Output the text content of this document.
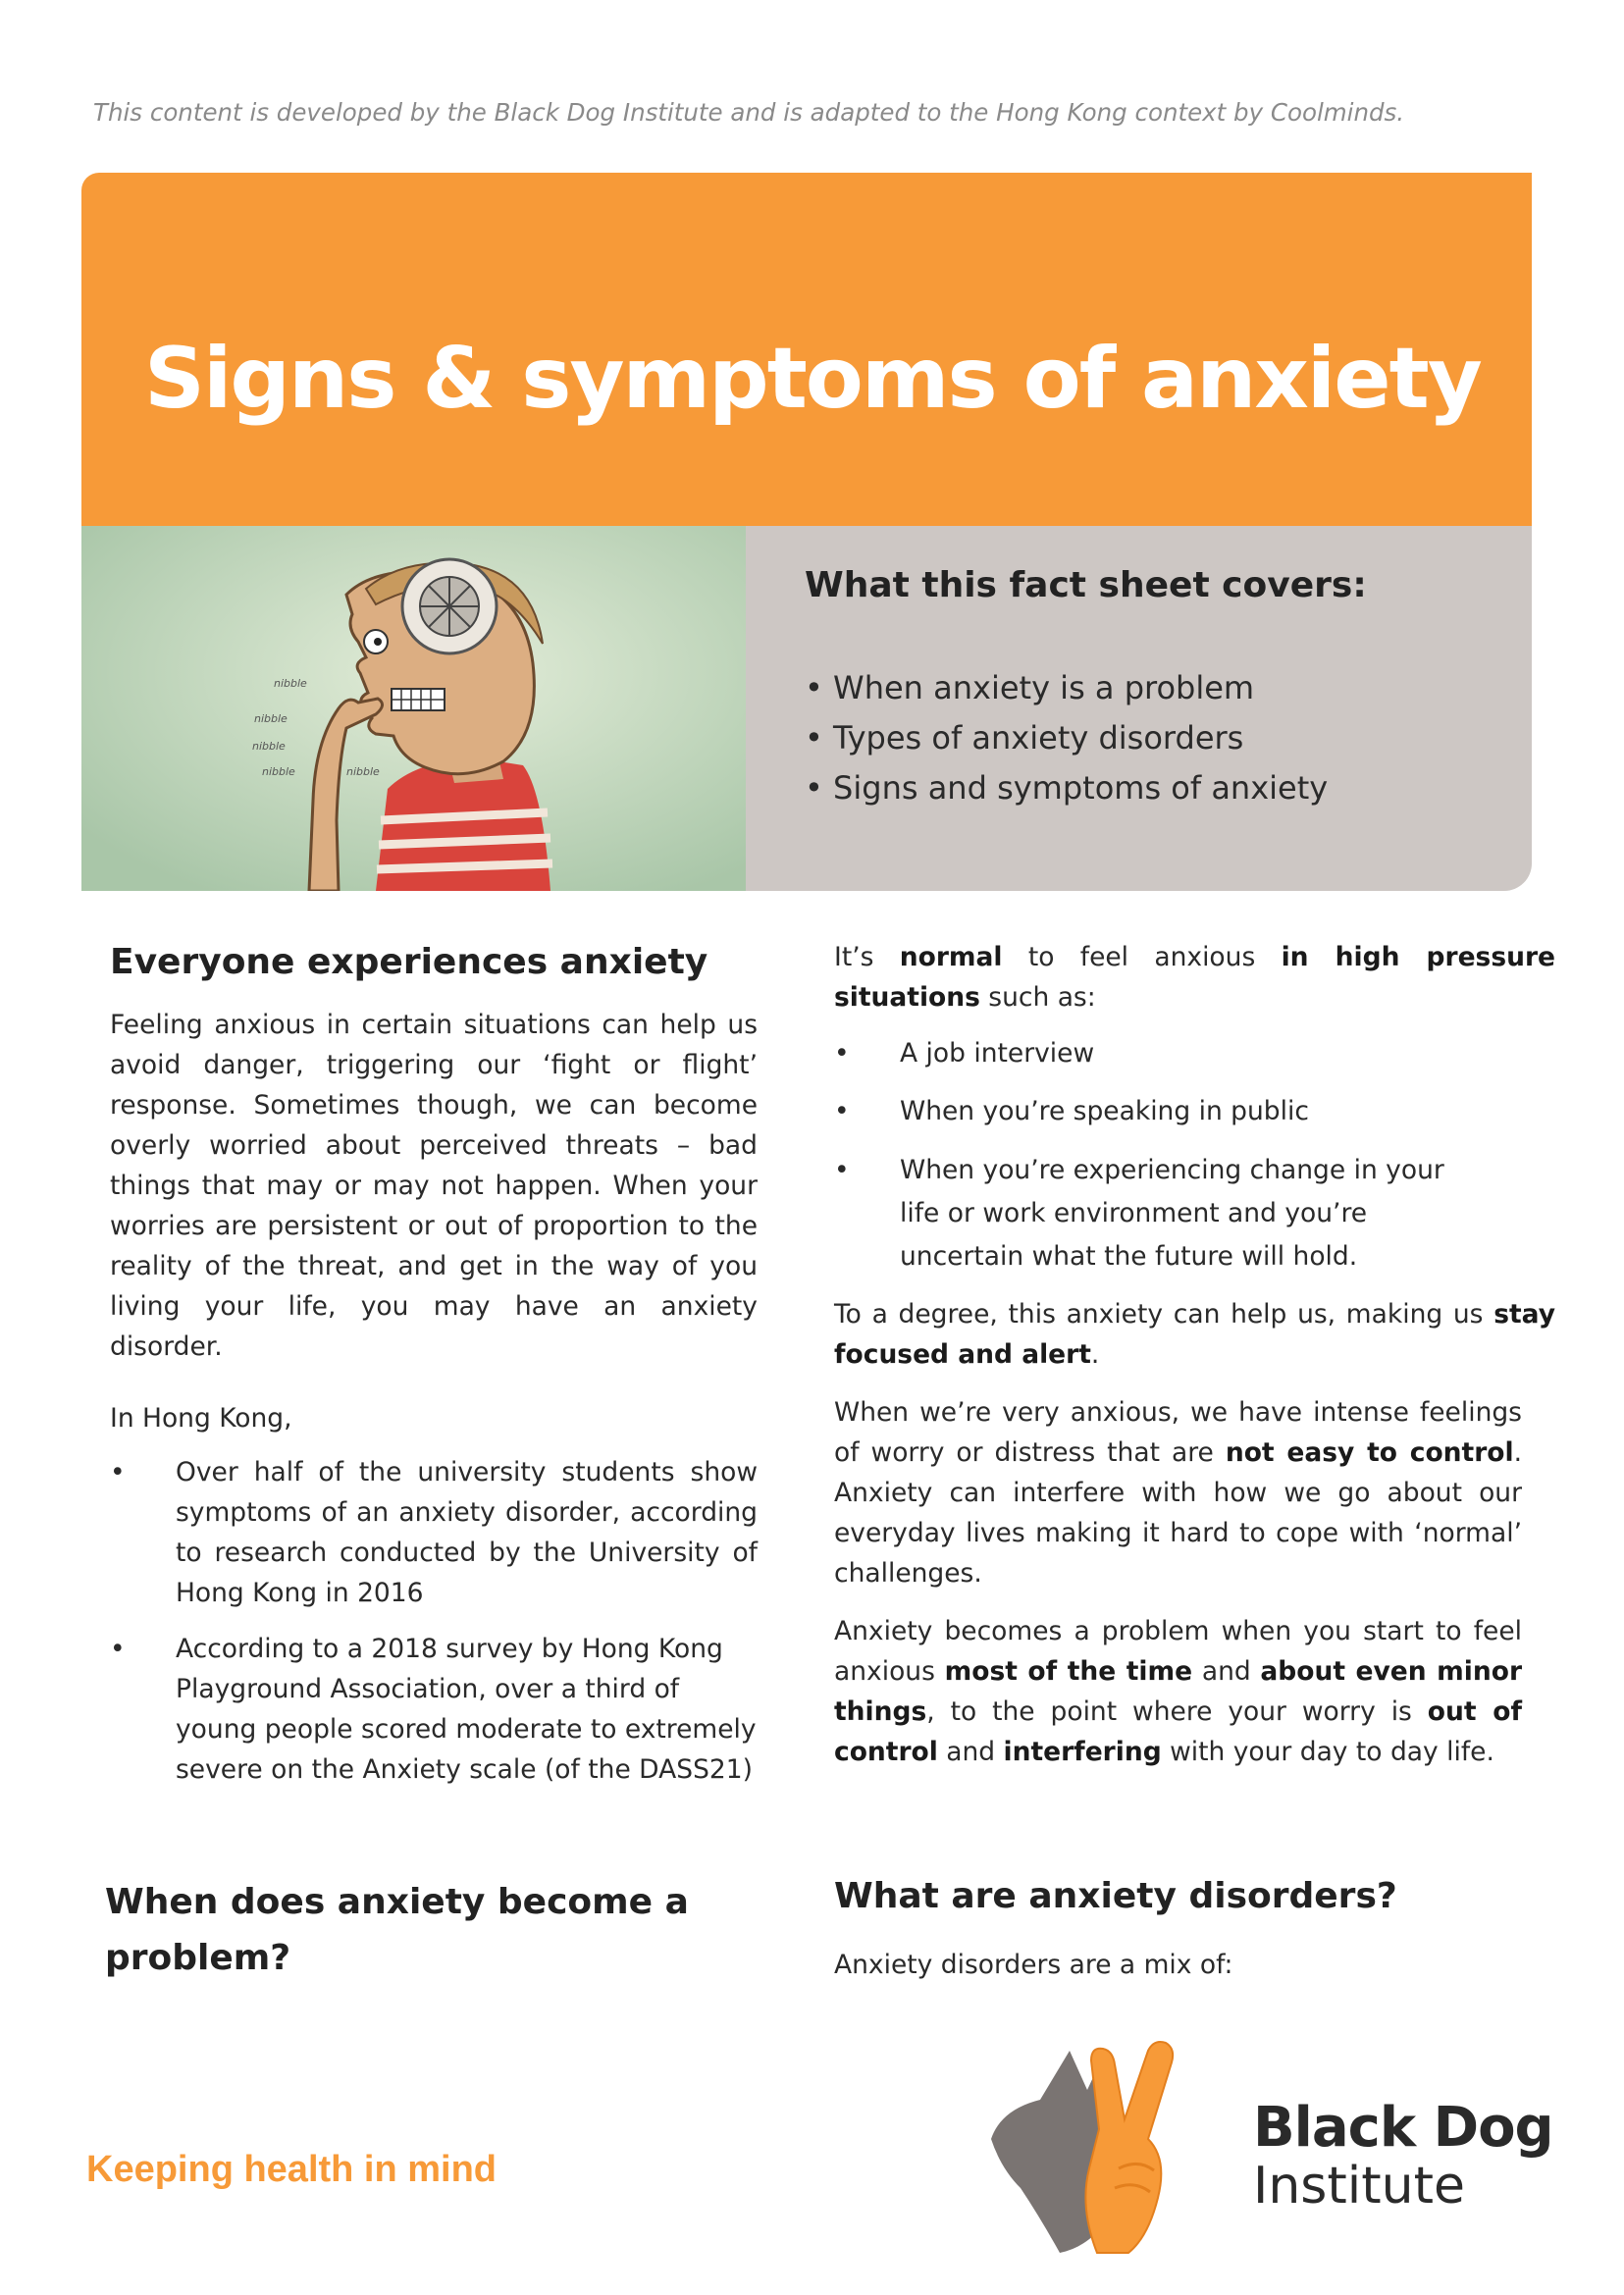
This content is developed by the Black Dog Institute and is adapted to the Hong Kong context by Coolminds.
Signs & symptoms of anxiety
nibble
nibble
nibble
nibble	nibble
What this fact sheet covers:
• When anxiety is a problem
• Types of anxiety disorders
• Signs and symptoms of anxiety
Everyone experiences anxiety

Feeling anxious in certain situations can help us avoid danger, triggering our ‘fight or flight’ response. Sometimes though, we can become overly worried about perceived threats – bad things that may or may not happen. When your worries are persistent or out of proportion to the reality of the threat, and get in the way of you living your life, you may have an anxiety disorder.

In Hong Kong,

• Over half of the university students show symptoms of an anxiety disorder, according to research conducted by the University of Hong Kong in 2016

• According to a 2018 survey by Hong Kong Playground Association, over a third of young people scored moderate to extremely severe on the Anxiety scale (of the DASS21)

When does anxiety become a problem?

It’s normal to feel anxious in high pressure situations such as:

• A job interview

• When you’re speaking in public

• When you’re experiencing change in your life or work environment and you’re uncertain what the future will hold.

To a degree, this anxiety can help us, making us stay focused and alert.

When we’re very anxious, we have intense feelings of worry or distress that are not easy to control. Anxiety can interfere with how we go about our everyday lives making it hard to cope with ‘normal’ challenges.

Anxiety becomes a problem when you start to feel anxious most of the time and about even minor things, to the point where your worry is out of control and interfering with your day to day life.

What are anxiety disorders?

Anxiety disorders are a mix of:

Keeping health in mind
Black Dog
Institute
